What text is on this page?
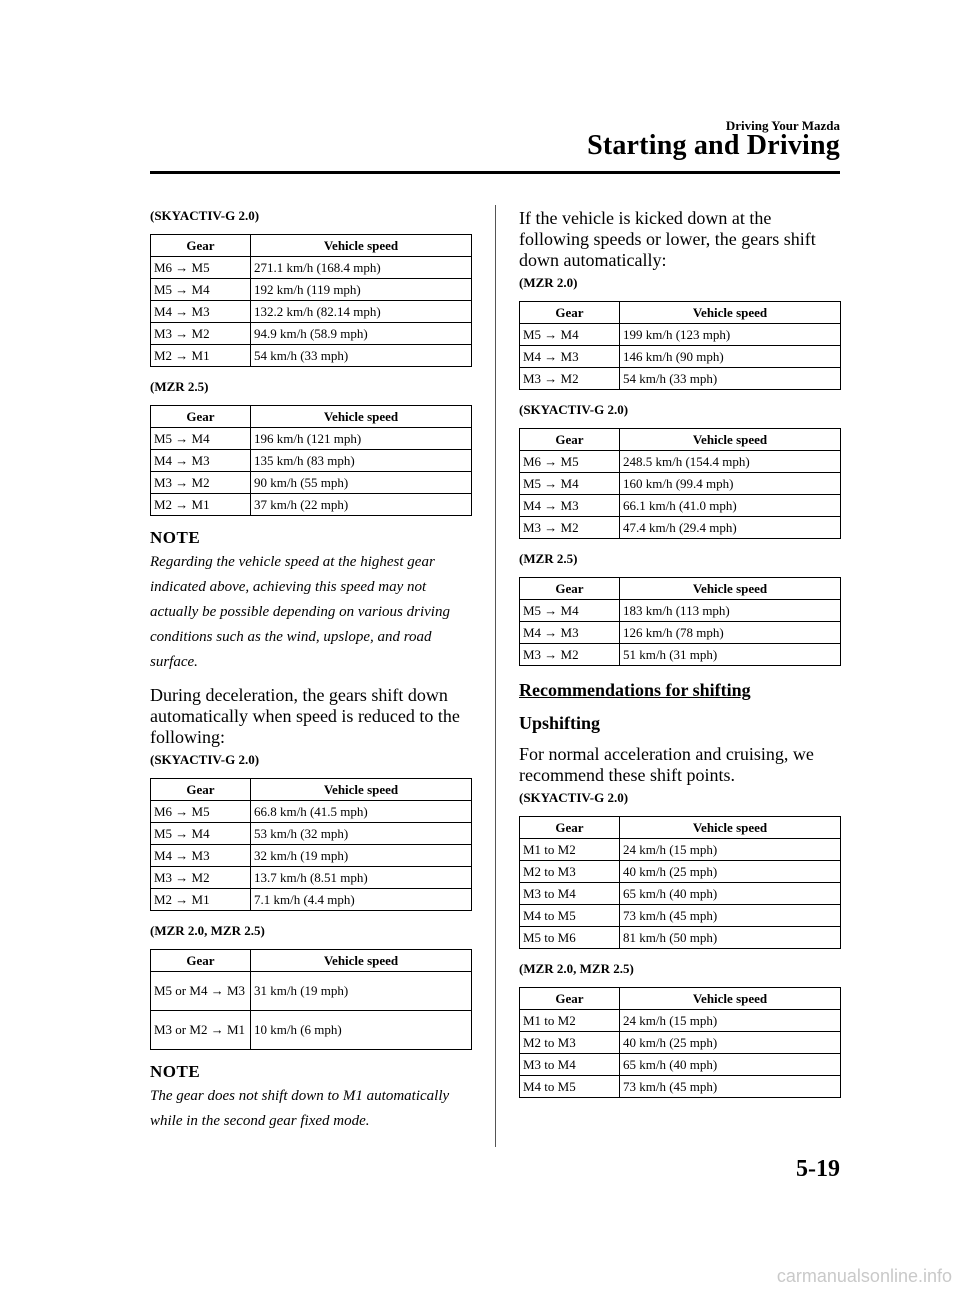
Driving Your Mazda
Starting and Driving
(SKYACTIV-G 2.0)
Gear	Vehicle speed
M6 → M5	271.1 km/h (168.4 mph)
M5 → M4	192 km/h (119 mph)
M4 → M3	132.2 km/h (82.14 mph)
M3 → M2	94.9 km/h (58.9 mph)
M2 → M1	54 km/h (33 mph)
(MZR 2.5)
Gear	Vehicle speed
M5 → M4	196 km/h (121 mph)
M4 → M3	135 km/h (83 mph)
M3 → M2	90 km/h (55 mph)
M2 → M1	37 km/h (22 mph)
NOTE
Regarding the vehicle speed at the highest gear indicated above, achieving this speed may not actually be possible depending on various driving conditions such as the wind, upslope, and road surface.
During deceleration, the gears shift down automatically when speed is reduced to the following:
(SKYACTIV-G 2.0)
Gear	Vehicle speed
M6 → M5	66.8 km/h (41.5 mph)
M5 → M4	53 km/h (32 mph)
M4 → M3	32 km/h (19 mph)
M3 → M2	13.7 km/h (8.51 mph)
M2 → M1	7.1 km/h (4.4 mph)
(MZR 2.0, MZR 2.5)
Gear	Vehicle speed
M5 or M4 → M3	31 km/h (19 mph)
M3 or M2 → M1	10 km/h (6 mph)
NOTE
The gear does not shift down to M1 automatically while in the second gear fixed mode.
If the vehicle is kicked down at the following speeds or lower, the gears shift down automatically:
(MZR 2.0)
Gear	Vehicle speed
M5 → M4	199 km/h (123 mph)
M4 → M3	146 km/h (90 mph)
M3 → M2	54 km/h (33 mph)
(SKYACTIV-G 2.0)
Gear	Vehicle speed
M6 → M5	248.5 km/h (154.4 mph)
M5 → M4	160 km/h (99.4 mph)
M4 → M3	66.1 km/h (41.0 mph)
M3 → M2	47.4 km/h (29.4 mph)
(MZR 2.5)
Gear	Vehicle speed
M5 → M4	183 km/h (113 mph)
M4 → M3	126 km/h (78 mph)
M3 → M2	51 km/h (31 mph)
Recommendations for shifting
Upshifting
For normal acceleration and cruising, we recommend these shift points.
(SKYACTIV-G 2.0)
Gear	Vehicle speed
M1 to M2	24 km/h (15 mph)
M2 to M3	40 km/h (25 mph)
M3 to M4	65 km/h (40 mph)
M4 to M5	73 km/h (45 mph)
M5 to M6	81 km/h (50 mph)
(MZR 2.0, MZR 2.5)
Gear	Vehicle speed
M1 to M2	24 km/h (15 mph)
M2 to M3	40 km/h (25 mph)
M3 to M4	65 km/h (40 mph)
M4 to M5	73 km/h (45 mph)
5-19
carmanualsonline.info
